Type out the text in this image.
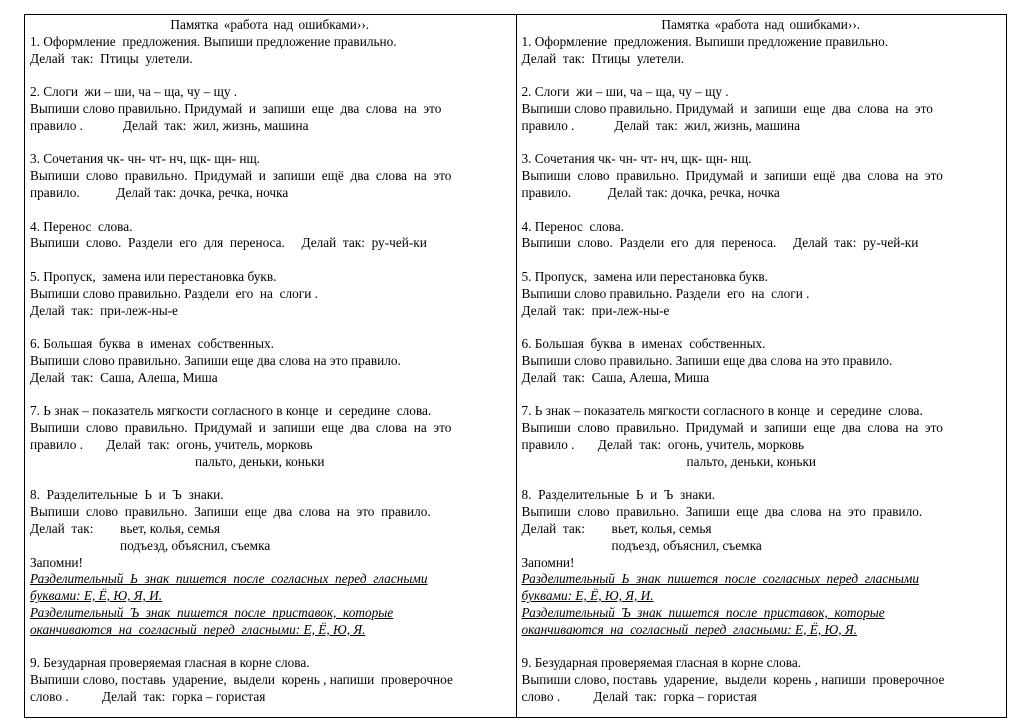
Памятка «работа над ошибками››.
1. Оформление  предложения. Выпиши предложение правильно.
Делай  так:  Птицы  улетели.
2. Слоги  жи – ши, ча – ща, чу – щу .
Выпиши слово правильно. Придумай  и  запиши  еще  два  слова  на  это
правило .            Делай  так:  жил, жизнь, машина
3. Сочетания чк- чн- чт- нч, щк- щн- нщ.
Выпиши  слово  правильно.  Придумай  и  запиши  ещё  два  слова  на  это
правило.           Делай так: дочка, речка, ночка
4. Перенос  слова.
Выпиши  слово.  Раздели  его  для  переноса.     Делай  так:  ру-чей-ки
5. Пропуск,  замена или перестановка букв.
Выпиши слово правильно. Раздели  его  на  слоги .
Делай  так:  при-леж-ны-е
6. Большая  буква  в  именах  собственных.
Выпиши слово правильно. Запиши еще два слова на это правило.
Делай  так:  Саша, Алеша, Миша
7. Ь знак – показатель мягкости согласного в конце  и  середине  слова.
Выпиши  слово  правильно.  Придумай  и  запиши  еще  два  слова  на  это
правило .       Делай  так:  огонь, учитель, морковь
пальто, деньки, коньки
8.  Разделительные  Ь  и  Ъ  знаки.
Выпиши  слово  правильно.  Запиши  еще  два  слова  на  это  правило.
Делай  так:        вьет, колья, семья
подъезд, объяснил, съемка
Запомни!
Разделительный  Ь  знак  пишется  после  согласных  перед  гласными
буквами: Е, Ё, Ю, Я, И.
Разделительный  Ъ  знак  пишется  после  приставок,  которые
оканчиваются  на  согласный  перед  гласными: Е, Ё, Ю, Я.
9. Безударная проверяемая гласная в корне слова.
Выпиши слово, поставь  ударение,  выдели  корень , напиши  проверочное
слово .          Делай  так:  горка – гористая
Памятка «работа над ошибками››.
1. Оформление  предложения. Выпиши предложение правильно.
Делай  так:  Птицы  улетели.
2. Слоги  жи – ши, ча – ща, чу – щу .
Выпиши слово правильно. Придумай  и  запиши  еще  два  слова  на  это
правило .            Делай  так:  жил, жизнь, машина
3. Сочетания чк- чн- чт- нч, щк- щн- нщ.
Выпиши  слово  правильно.  Придумай  и  запиши  ещё  два  слова  на  это
правило.           Делай так: дочка, речка, ночка
4. Перенос  слова.
Выпиши  слово.  Раздели  его  для  переноса.     Делай  так:  ру-чей-ки
5. Пропуск,  замена или перестановка букв.
Выпиши слово правильно. Раздели  его  на  слоги .
Делай  так:  при-леж-ны-е
6. Большая  буква  в  именах  собственных.
Выпиши слово правильно. Запиши еще два слова на это правило.
Делай  так:  Саша, Алеша, Миша
7. Ь знак – показатель мягкости согласного в конце  и  середине  слова.
Выпиши  слово  правильно.  Придумай  и  запиши  еще  два  слова  на  это
правило .       Делай  так:  огонь, учитель, морковь
пальто, деньки, коньки
8.  Разделительные  Ь  и  Ъ  знаки.
Выпиши  слово  правильно.  Запиши  еще  два  слова  на  это  правило.
Делай  так:        вьет, колья, семья
подъезд, объяснил, съемка
Запомни!
Разделительный  Ь  знак  пишется  после  согласных  перед  гласными
буквами: Е, Ё, Ю, Я, И.
Разделительный  Ъ  знак  пишется  после  приставок,  которые
оканчиваются  на  согласный  перед  гласными: Е, Ё, Ю, Я.
9. Безударная проверяемая гласная в корне слова.
Выпиши слово, поставь  ударение,  выдели  корень , напиши  проверочное
слово .          Делай  так:  горка – гористая
